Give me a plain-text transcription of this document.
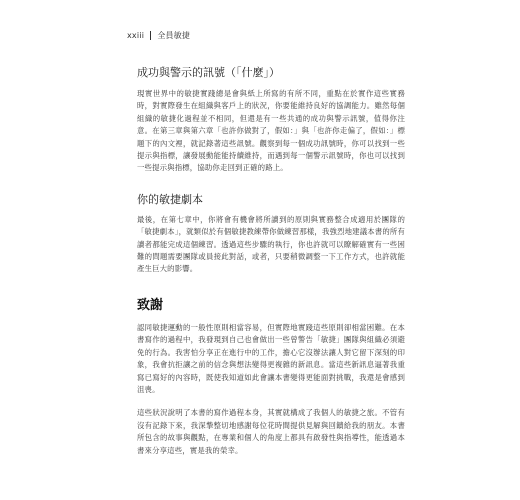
xxiii 全員敏捷
成功與警示的訊號（「什麼」）

現實世界中的敏捷實踐總是會與紙上所寫的有所不同，重點在於實作這些實務時，對實際發生在組織與客戶上的狀況，你要能維持良好的協調能力。雖然每個組織的敏捷化過程並不相同，但還是有一些共通的成功與警示訊號，值得你注意。在第三章與第六章「也許你做對了，假如：」與「也許你走偏了，假如：」標題下的內文裡，就記錄著這些訊號。觀察到每一個成功訊號時，你可以找到一些提示與指標，讓發展動能能持續維持，而遇到每一個警示訊號時，你也可以找到一些提示與指標，協助你走回到正確的路上。

你的敏捷劇本

最後，在第七章中，你將會有機會將所讀到的原則與實務整合成適用於團隊的「敏捷劇本」，就類似於有個敏捷教練帶你做練習那樣，我強烈地建議本書的所有讀者都能完成這個練習。透過這些步驟的執行，你也許就可以瞭解確實有一些困難的問題需要團隊或員接此對話，或者，只要稍微調整一下工作方式，也許就能產生巨大的影響。

致謝

認同敏捷運動的一般性原則相當容易，但實際地實踐這些原則卻相當困難。在本書寫作的過程中，我發現到自己也會做出一些曾警告「敏捷」團隊與組織必須避免的行為。我害怕分享正在進行中的工作，擔心它沒辦法讓人對它留下深刻的印象，我會抗拒讓之前的信念與想法變得更複雜的新訊息。當這些新訊息逼著我重寫已寫好的內容時，既使我知道如此會讓本書變得更能面對挑戰，我還是會感到沮喪。

這些狀況說明了本書的寫作過程本身，其實就構成了我個人的敏捷之旅。不管有沒有記錄下來，我深摯整切地感謝每位花時間提供見解與回饋給我的朋友。本書所包含的故事與觀點，在專業和個人的角度上都具有啟發性與指導性，能透過本書來分享這些，實是我的榮幸。
